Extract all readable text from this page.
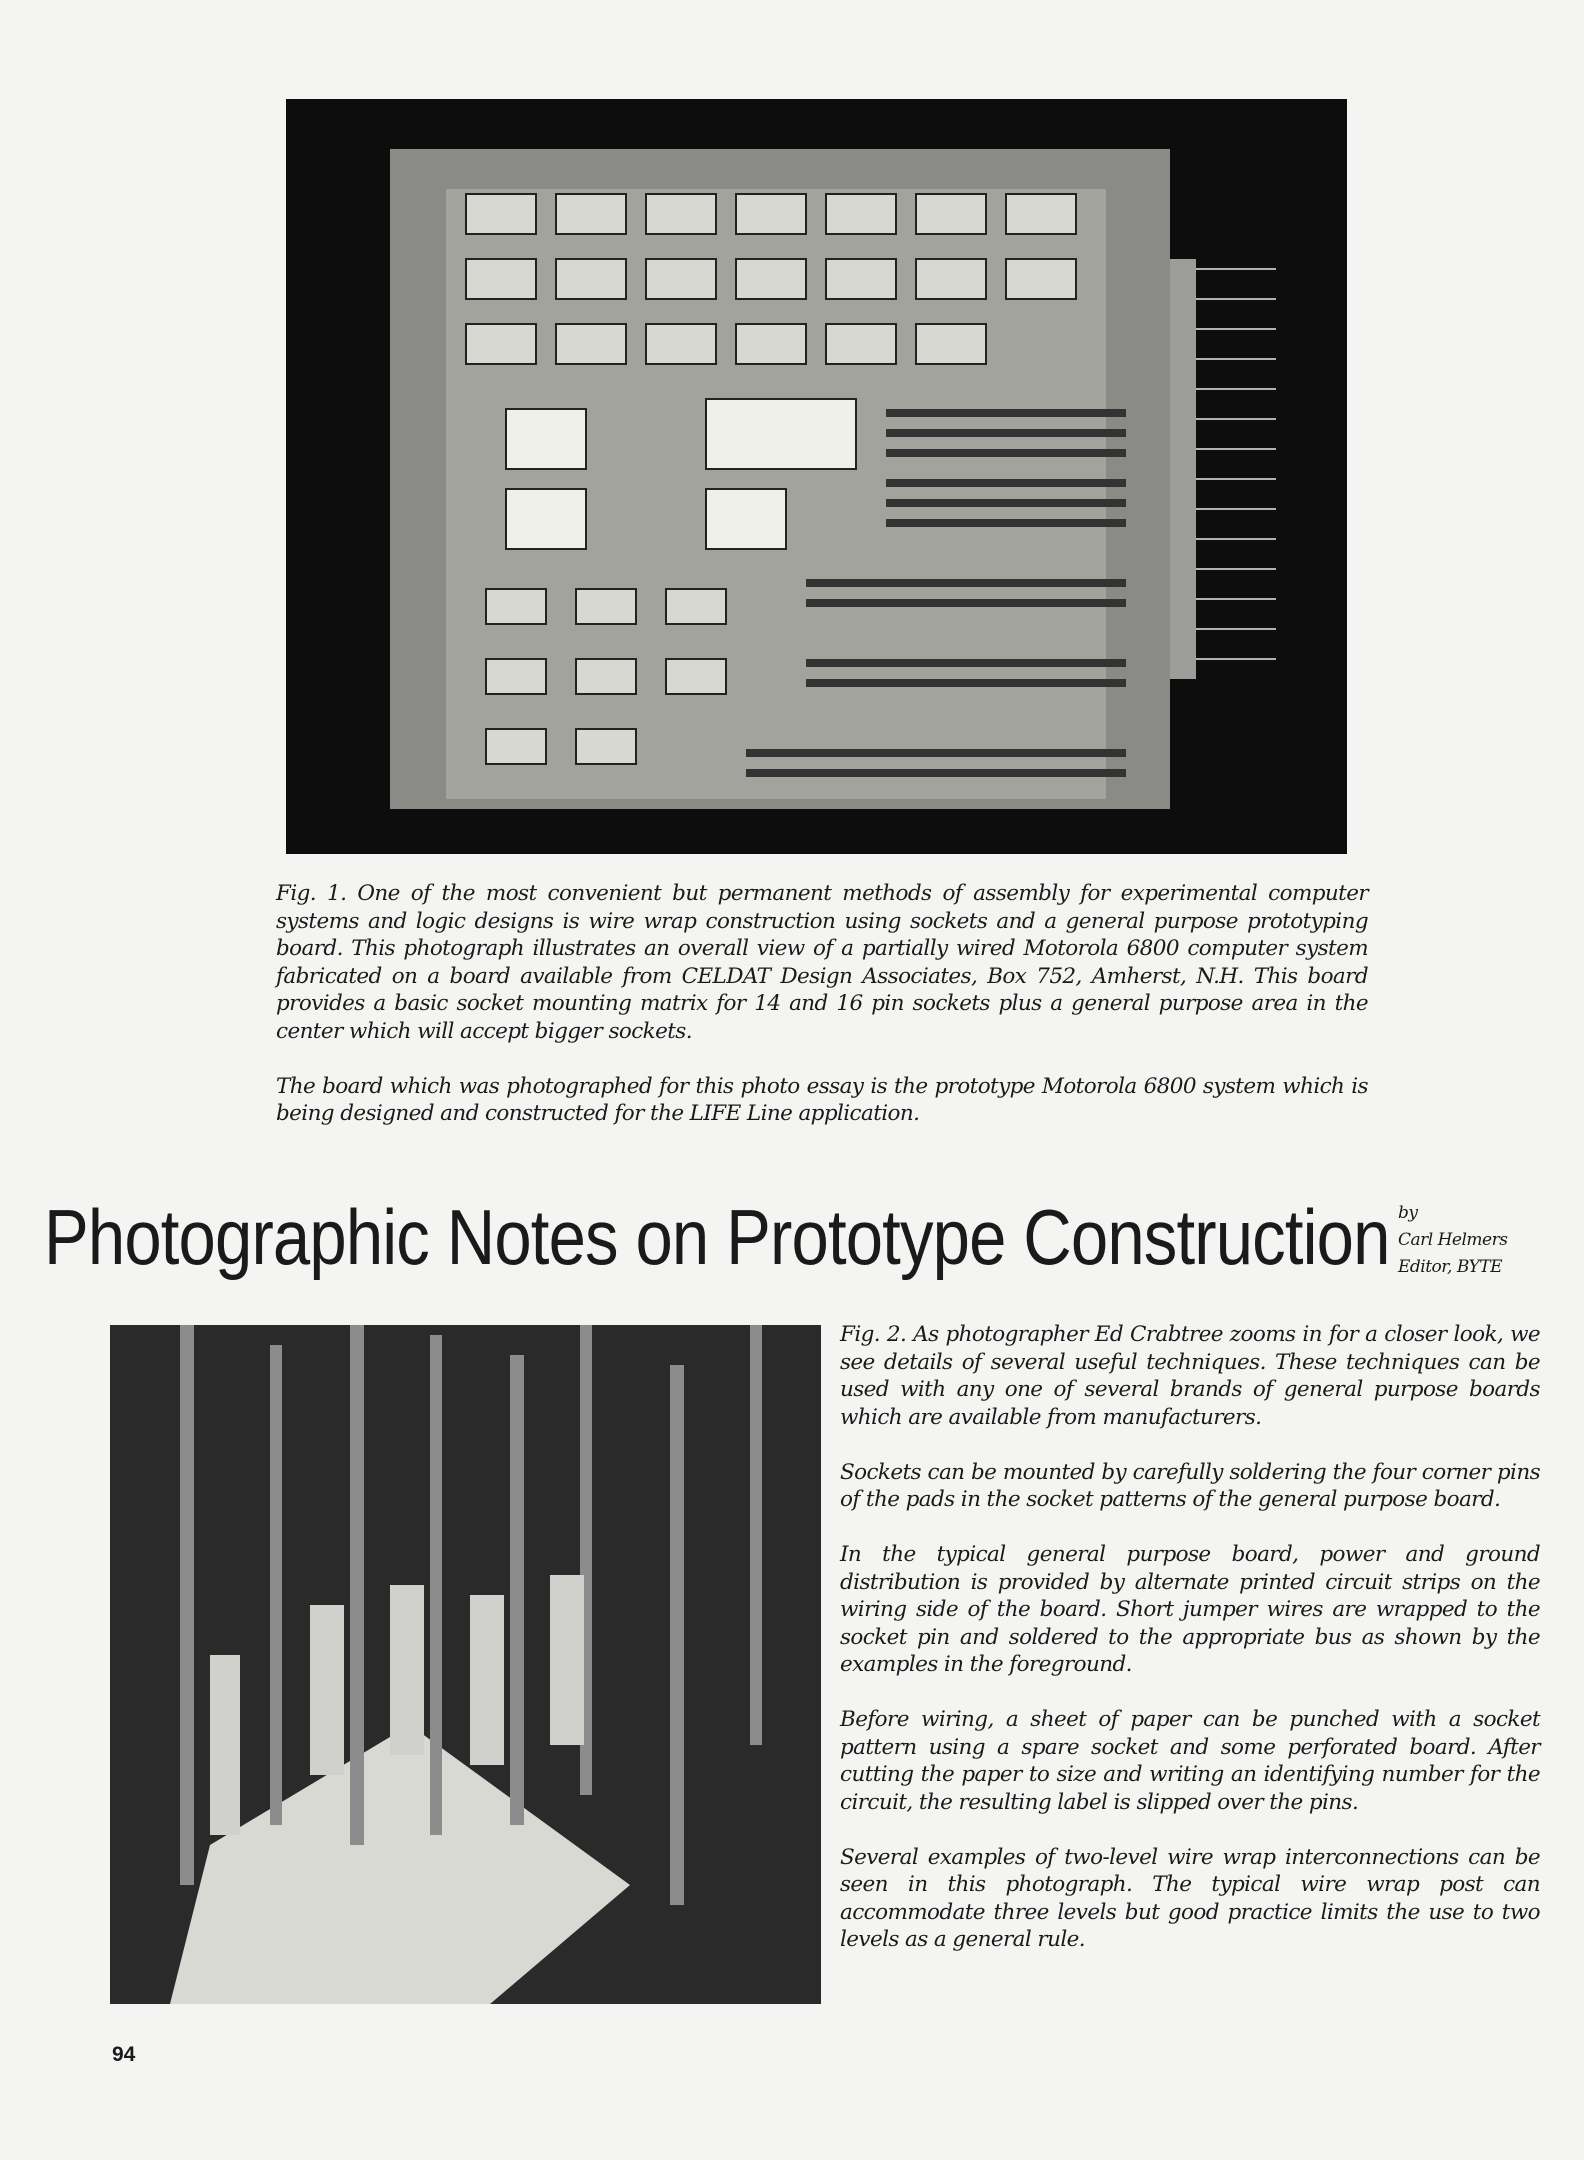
Fig. 1. One of the most convenient but permanent methods of assembly for experimental computer systems and logic designs is wire wrap construction using sockets and a general purpose prototyping board. This photograph illustrates an overall view of a partially wired Motorola 6800 computer system fabricated on a board available from CELDAT Design Associates, Box 752, Amherst, N.H. This board provides a basic socket mounting matrix for 14 and 16 pin sockets plus a general purpose area in the center which will accept bigger sockets.

The board which was photographed for this photo essay is the prototype Motorola 6800 system which is being designed and constructed for the LIFE Line application.

Photographic Notes on Prototype Construction by
Carl Helmers
Editor, BYTE

Fig. 2. As photographer Ed Crabtree zooms in for a closer look, we see details of several useful techniques. These techniques can be used with any one of several brands of general purpose boards which are available from manufacturers.

Sockets can be mounted by carefully soldering the four corner pins of the pads in the socket patterns of the general purpose board.

In the typical general purpose board, power and ground distribution is provided by alternate printed circuit strips on the wiring side of the board. Short jumper wires are wrapped to the socket pin and soldered to the appropriate bus as shown by the examples in the foreground.

Before wiring, a sheet of paper can be punched with a socket pattern using a spare socket and some perforated board. After cutting the paper to size and writing an identifying number for the circuit, the resulting label is slipped over the pins.

Several examples of two-level wire wrap interconnections can be seen in this photograph. The typical wire wrap post can accommodate three levels but good practice limits the use to two levels as a general rule.

94
